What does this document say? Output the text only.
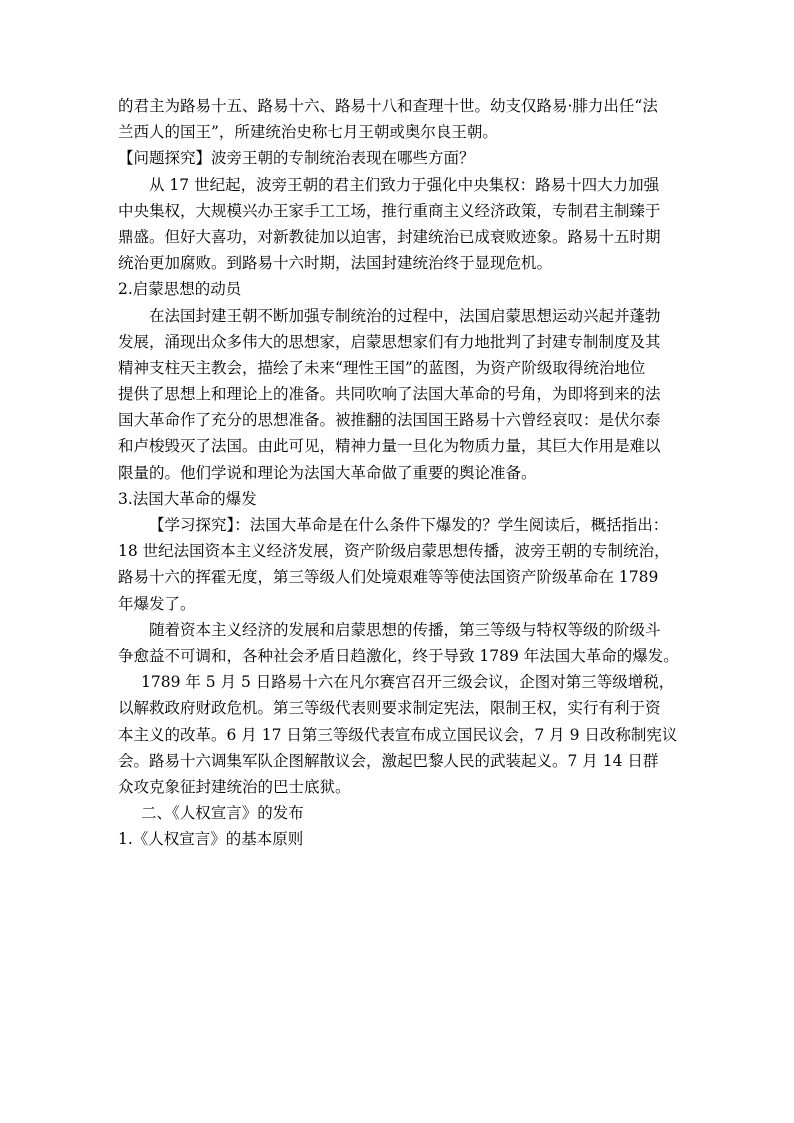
的君主为路易十五、路易十六、路易十八和查理十世。幼支仅路易·腓力出任“法
兰西人的国王”，所建统治史称七月王朝或奥尔良王朝。
【问题探究】波旁王朝的专制统治表现在哪些方面？
从 17 世纪起，波旁王朝的君主们致力于强化中央集权：路易十四大力加强
中央集权，大规模兴办王家手工工场，推行重商主义经济政策，专制君主制臻于
鼎盛。但好大喜功，对新教徒加以迫害，封建统治已成衰败迹象。路易十五时期
统治更加腐败。到路易十六时期，法国封建统治终于显现危机。
2.启蒙思想的动员
在法国封建王朝不断加强专制统治的过程中，法国启蒙思想运动兴起并蓬勃
发展，涌现出众多伟大的思想家，启蒙思想家们有力地批判了封建专制制度及其
精神支柱天主教会，描绘了未来“理性王国”的蓝图，为资产阶级取得统治地位
提供了思想上和理论上的准备。共同吹响了法国大革命的号角，为即将到来的法
国大革命作了充分的思想准备。被推翻的法国国王路易十六曾经哀叹：是伏尔泰
和卢梭毁灭了法国。由此可见，精神力量一旦化为物质力量，其巨大作用是难以
限量的。他们学说和理论为法国大革命做了重要的舆论准备。
3.法国大革命的爆发
【学习探究】：法国大革命是在什么条件下爆发的？学生阅读后，概括指出：
18 世纪法国资本主义经济发展，资产阶级启蒙思想传播，波旁王朝的专制统治，
路易十六的挥霍无度，第三等级人们处境艰难等等使法国资产阶级革命在 1789
年爆发了。
随着资本主义经济的发展和启蒙思想的传播，第三等级与特权等级的阶级斗
争愈益不可调和，各种社会矛盾日趋激化，终于导致 1789 年法国大革命的爆发。
1789 年 5 月 5 日路易十六在凡尔赛宫召开三级会议，企图对第三等级增税，
以解救政府财政危机。第三等级代表则要求制定宪法，限制王权，实行有利于资
本主义的改革。6 月 17 日第三等级代表宣布成立国民议会，7 月 9 日改称制宪议
会。路易十六调集军队企图解散议会，激起巴黎人民的武装起义。7 月 14 日群
众攻克象征封建统治的巴士底狱。
二、《人权宣言》的发布
1.《人权宣言》的基本原则
